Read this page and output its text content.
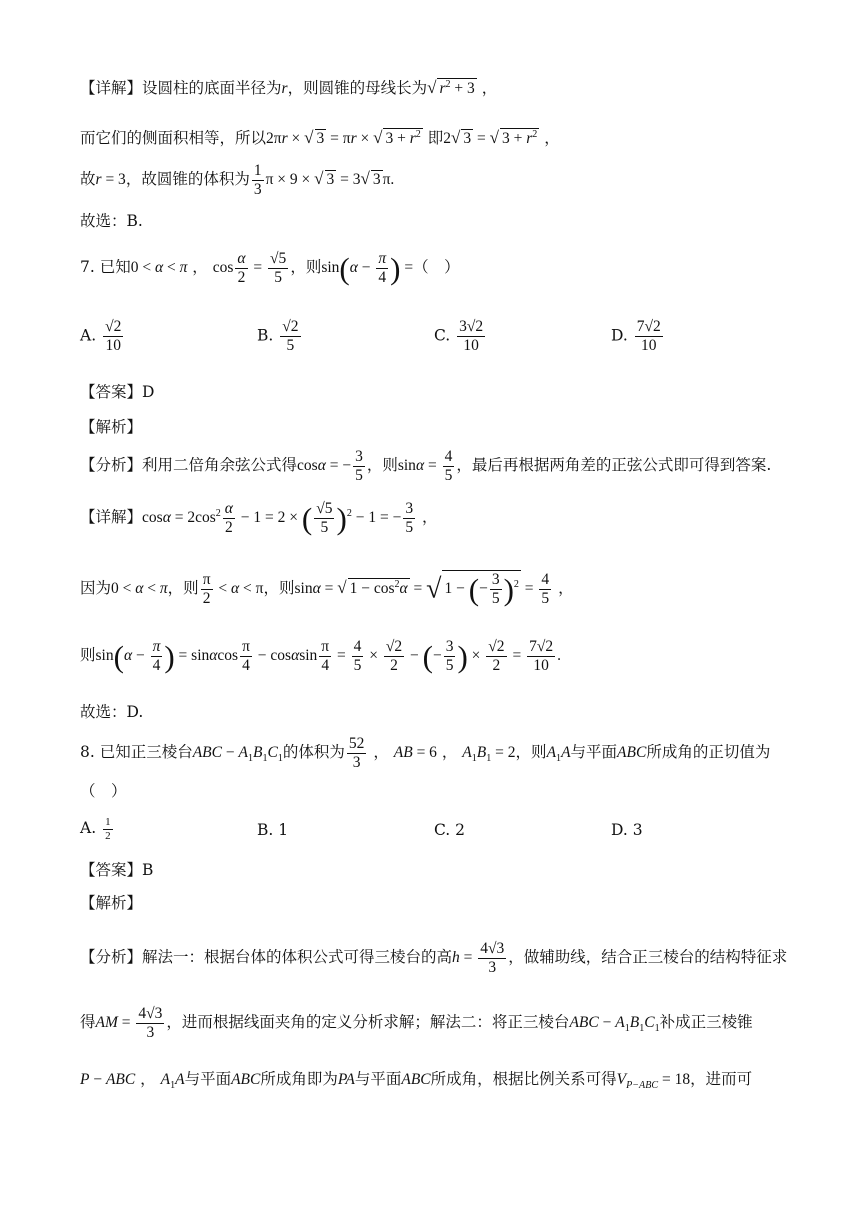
【详解】设圆柱的底面半径为r，则圆锥的母线长为√ $r^2 + 3$ ，
而它们的侧面积相等，所以2πr × √ 3 = πr × √ $3 + r^2$ 即2√ 3 = √ $3 + r^2$ ，
故r = 3，故圆锥的体积为 $\frac{1}{3}$ π × 9 × √ 3 = 3√ 3 π.
故选：B.
7. 已知0 < α < π ， $\cos \frac{\alpha}{2} = \frac{√5}{5}$ ，则$\sin(\alpha - \frac{\pi}{4}$ ) =（　）
A. $\frac{√2}{10}$	B. $\frac{√2}{5}$	C. $\frac{3√2}{10}$	D. $\frac{7√2}{10}$
【答案】D
【解析】
【分析】利用二倍角余弦公式得cosα = − $\frac{3}{5}$ ，则$\sin\alpha = \frac{4}{5}$ ，最后再根据两角差的正弦公式即可得到答案.
【详解】$\cos\alpha = 2\cos^2 \frac{\alpha}{2} - 1 = 2$ × ( $\frac{√5}{5} )^2 - 1$ = − $\frac{3}{5}$ ，
因为0 < α < π，则 $\frac{\pi}{2} < \alpha < \pi$，则sinα = √ $1 - \cos^2\alpha$ = √ 1 − (− $\frac{3}{5} )^2 = \frac{4}{5}$ ，
则$\sin(\alpha - \frac{\pi}{4}$ ) = sinαcos $\frac{\pi}{4} - \cos\alpha\sin \frac{\pi}{4} = \frac{4}{5} \times \frac{√2}{2}$ − (− $\frac{3}{5}$ ) × $\frac{√2}{2} = \frac{7√2}{10}$ .
故选：D.
8. 已知正三棱台ABC − $A_1B_1C_1$的体积为 $\frac{52}{3}$ ， AB = 6 ， $A_1B_1 = 2$，则$A_1A$与平面ABC所成角的正切值为
（　）
A. $\frac{1}{2}$	B. 1	C. 2	D. 3
【答案】B
【解析】
【分析】解法一：根据台体的体积公式可得三棱台的高$h = \frac{4√3}{3}$ ，做辅助线，结合正三棱台的结构特征求
得AM = $\frac{4√3}{3}$ ，进而根据线面夹角的定义分析求解；解法二：将正三棱台ABC − $A_1B_1C_1$补成正三棱锥
P − ABC ， $A_1A$与平面ABC所成角即为PA与平面ABC所成角，根据比例关系可得$V_{P-ABC} = 18$，进而可
